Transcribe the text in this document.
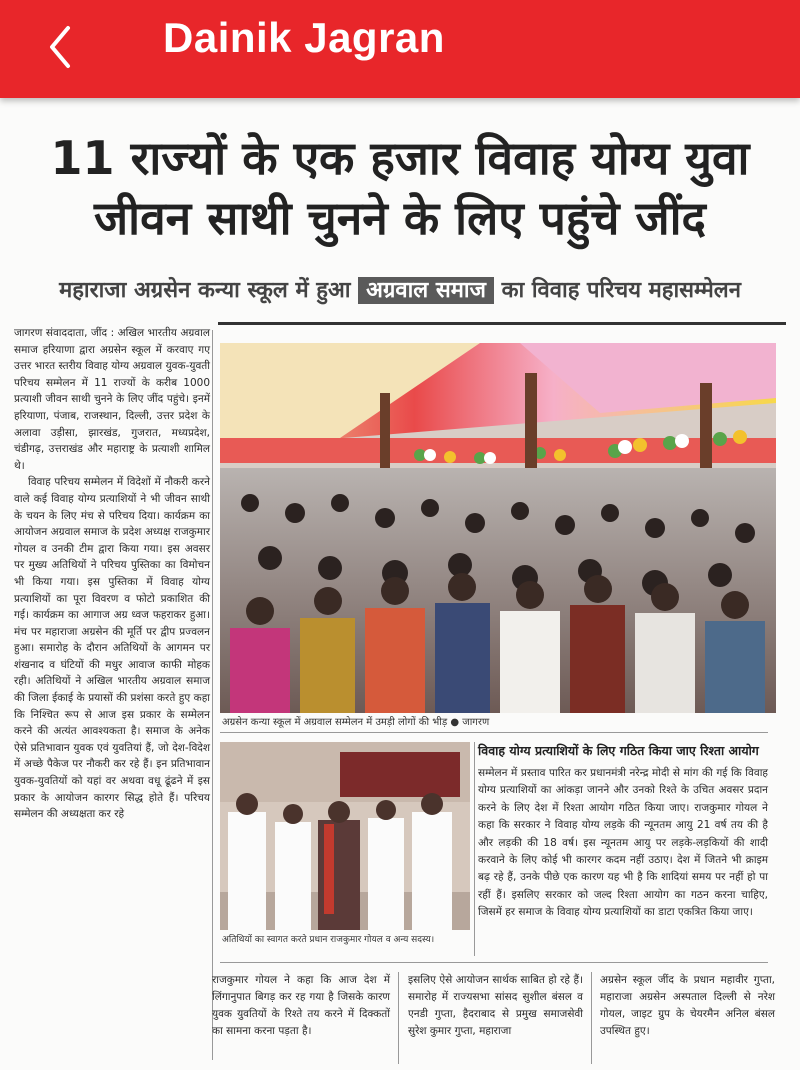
Dainik Jagran
11 राज्यों के एक हजार विवाह योग्य युवा
जीवन साथी चुनने के लिए पहुंचे जींद
महाराजा अग्रसेन कन्या स्कूल में हुआ अग्रवाल समाज का विवाह परिचय महासम्मेलन

जागरण संवाददाता, जींद : अखिल भारतीय अग्रवाल समाज हरियाणा द्वारा अग्रसेन स्कूल में करवाए गए उत्तर भारत स्तरीय विवाह योग्य अग्रवाल युवक-युवती परिचय सम्मेलन में 11 राज्यों के करीब 1000 प्रत्याशी जीवन साथी चुनने के लिए जींद पहुंचे। इनमें हरियाणा, पंजाब, राजस्थान, दिल्ली, उत्तर प्रदेश के अलावा उड़ीसा, झारखंड, गुजरात, मध्यप्रदेश, चंडीगढ़, उत्तराखंड और महाराष्ट्र के प्रत्याशी शामिल थे।

विवाह परिचय सम्मेलन में विदेशों में नौकरी करने वाले कई विवाह योग्य प्रत्याशियों ने भी जीवन साथी के चयन के लिए मंच से परिचय दिया। कार्यक्रम का आयोजन अग्रवाल समाज के प्रदेश अध्यक्ष राजकुमार गोयल व उनकी टीम द्वारा किया गया। इस अवसर पर मुख्य अतिथियों ने परिचय पुस्तिका का विमोचन भी किया गया। इस पुस्तिका में विवाह योग्य प्रत्याशियों का पूरा विवरण व फोटो प्रकाशित की गई। कार्यक्रम का आगाज अग्र ध्वज फहराकर हुआ। मंच पर महाराजा अग्रसेन की मूर्ति पर द्वीप प्रज्वलन हुआ। समारोह के दौरान अतिथियों के आगमन पर शंखनाद व घंटियों की मधुर आवाज काफी मोहक रही। अतिथियों ने अखिल भारतीय अग्रवाल समाज की जिला ईकाई के प्रयासों की प्रशंसा करते हुए कहा कि निश्चित रूप से आज इस प्रकार के सम्मेलन करने की अत्यंत आवश्यकता है। समाज के अनेक ऐसे प्रतिभावान युवक एवं युवतियां हैं, जो देश-विदेश में अच्छे पैकेज पर नौकरी कर रहे हैं। इन प्रतिभावान युवक-युवतियों को यहां वर अथवा वधू ढूंढने में इस प्रकार के आयोजन कारगर सिद्ध होते हैं। परिचय सम्मेलन की अध्यक्षता कर रहे

अग्रसेन कन्या स्कूल में अग्रवाल सम्मेलन में उमड़ी लोगों की भीड़ ● जागरण
अतिथियों का स्वागत करते प्रधान राजकुमार गोयल व अन्य सदस्य।

विवाह योग्य प्रत्याशियों के लिए गठित किया जाए रिश्ता आयोग

सम्मेलन में प्रस्ताव पारित कर प्रधानमंत्री नरेन्द्र मोदी से मांग की गई कि विवाह योग्य प्रत्याशियों का आंकड़ा जानने और उनको रिश्ते के उचित अवसर प्रदान करने के लिए देश में रिश्ता आयोग गठित किया जाए। राजकुमार गोयल ने कहा कि सरकार ने विवाह योग्य लड़के की न्यूनतम आयु 21 वर्ष तय की है और लड़की की 18 वर्ष। इस न्यूनतम आयु पर लड़के-लड़कियों की शादी करवाने के लिए कोई भी कारगर कदम नहीं उठाए। देश में जितने भी क्राइम बढ़ रहे हैं, उनके पीछे एक कारण यह भी है कि शादियां समय पर नहीं हो पा रहीं हैं। इसलिए सरकार को जल्द रिश्ता आयोग का गठन करना चाहिए, जिसमें हर समाज के विवाह योग्य प्रत्याशियों का डाटा एकत्रित किया जाए।

राजकुमार गोयल ने कहा कि आज देश में लिंगानुपात बिगड़ कर रह गया है जिसके कारण युवक युवतियों के रिश्ते तय करने में दिक्कतों का सामना करना पड़ता है।

इसलिए ऐसे आयोजन सार्थक साबित हो रहे हैं। समारोह में राज्यसभा सांसद सुशील बंसल व एनडी गुप्ता, हैदराबाद से प्रमुख समाजसेवी सुरेश कुमार गुप्ता, महाराजा

अग्रसेन स्कूल जींद के प्रधान महावीर गुप्ता, महाराजा अग्रसेन अस्पताल दिल्ली से नरेश गोयल, जाइट ग्रुप के चेयरमैन अनिल बंसल उपस्थित हुए।
